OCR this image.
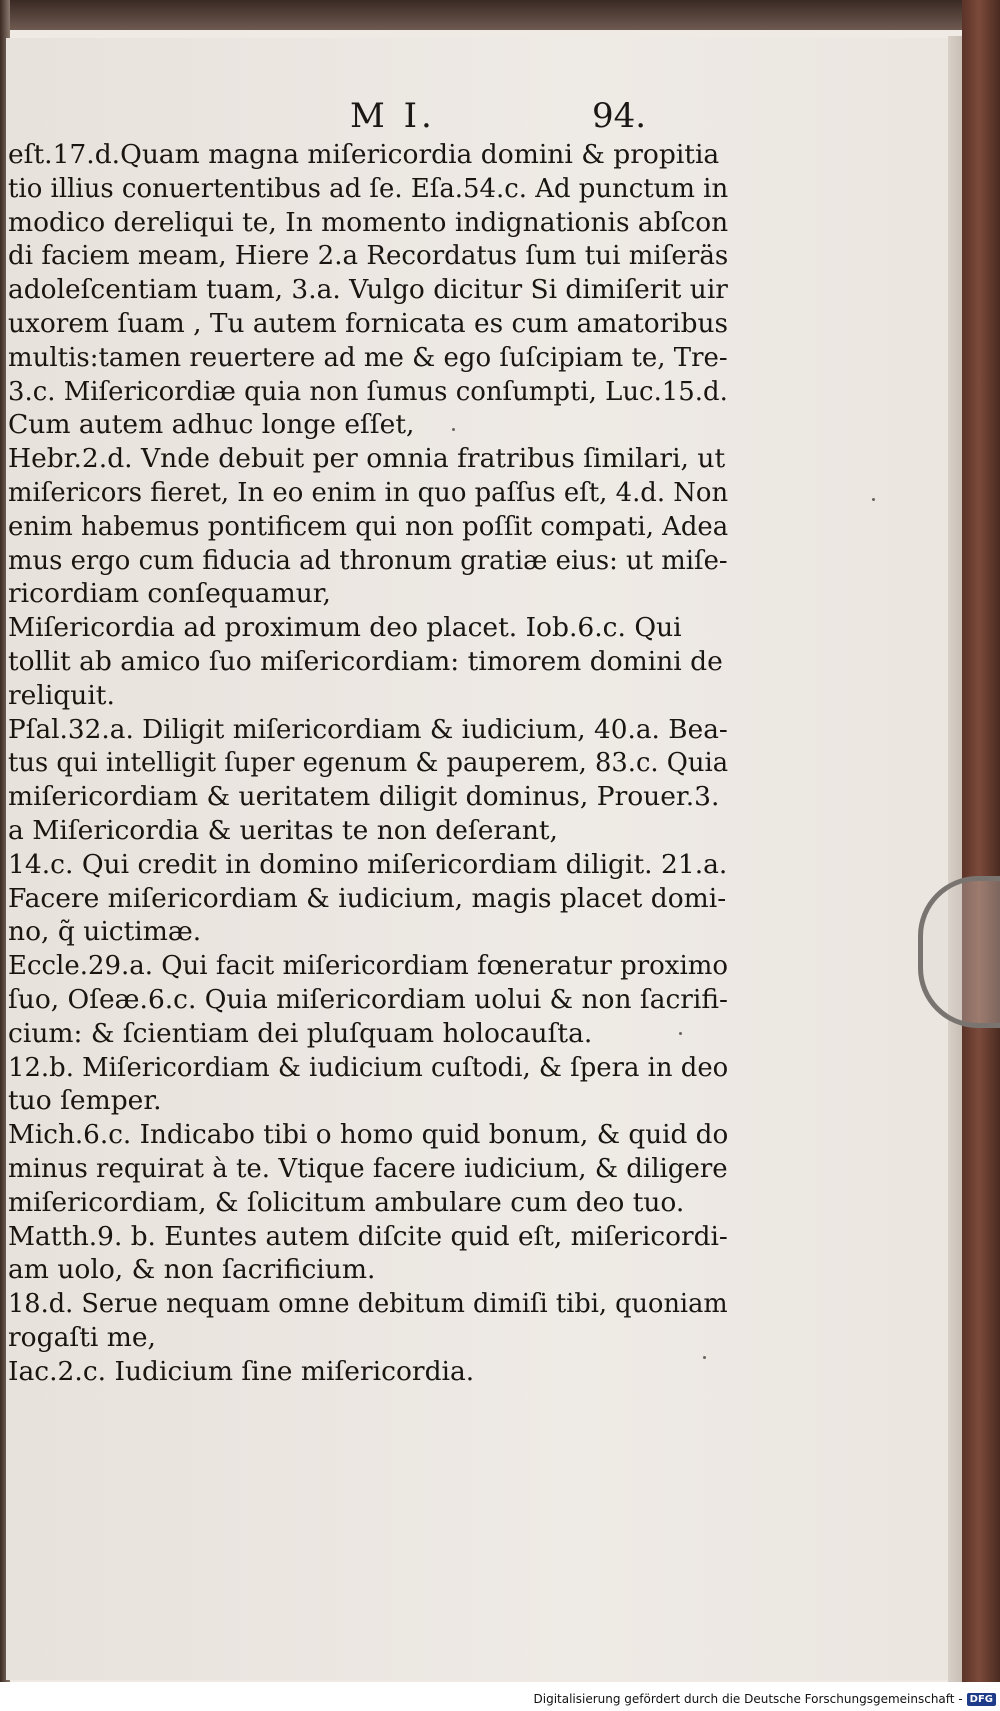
M I.	94.
eſt.17.d.Quam magna miſericordia domini & propitia
tio illius conuertentibus ad ſe. Eſa.54.c. Ad punctum in
modico dereliqui te, In momento indignationis abſcon
di faciem meam, Hiere 2.a Recordatus ſum tui miſeräs
adoleſcentiam tuam, 3.a. Vulgo dicitur Si dimiſerit uir
uxorem ſuam , Tu autem fornicata es cum amatoribus
multis:tamen reuertere ad me & ego ſuſcipiam te, Tre-
3.c. Miſericordiæ quia non ſumus conſumpti, Luc.15.d.
Cum autem adhuc longe eſſet,
Hebr.2.d. Vnde debuit per omnia fratribus ſimilari, ut
miſericors fieret, In eo enim in quo paſſus eſt, 4.d. Non
enim habemus pontificem qui non poſſit compati, Adea
mus ergo cum fiducia ad thronum gratiæ eius: ut miſe-
ricordiam conſequamur,
Miſericordia ad proximum deo placet. Iob.6.c. Qui
tollit ab amico ſuo miſericordiam: timorem domini de
reliquit.
Pſal.32.a. Diligit miſericordiam & iudicium, 40.a. Bea-
tus qui intelligit ſuper egenum & pauperem, 83.c. Quia
miſericordiam & ueritatem diligit dominus, Prouer.3.
a Miſericordia & ueritas te non deſerant,
14.c. Qui credit in domino miſericordiam diligit. 21.a.
Facere miſericordiam & iudicium, magis placet domi-
no, q̃ uictimæ.
Eccle.29.a. Qui facit miſericordiam fœneratur proximo
ſuo, Oſeæ.6.c. Quia miſericordiam uolui & non ſacrifi-
cium: & ſcientiam dei pluſquam holocauſta.
12.b. Miſericordiam & iudicium cuſtodi, & ſpera in deo
tuo ſemper.
Mich.6.c. Indicabo tibi o homo quid bonum, & quid do
minus requirat à te. Vtique facere iudicium, & diligere
miſericordiam, & ſolicitum ambulare cum deo tuo.
Matth.9. b. Euntes autem diſcite quid eſt, miſericordi-
am uolo, & non ſacrificium.
18.d. Serue nequam omne debitum dimiſi tibi, quoniam
rogaſti me,
Iac.2.c. Iudicium ſine miſericordia.
Digitalisierung gefördert durch die Deutsche Forschungsgemeinschaft - DFG
